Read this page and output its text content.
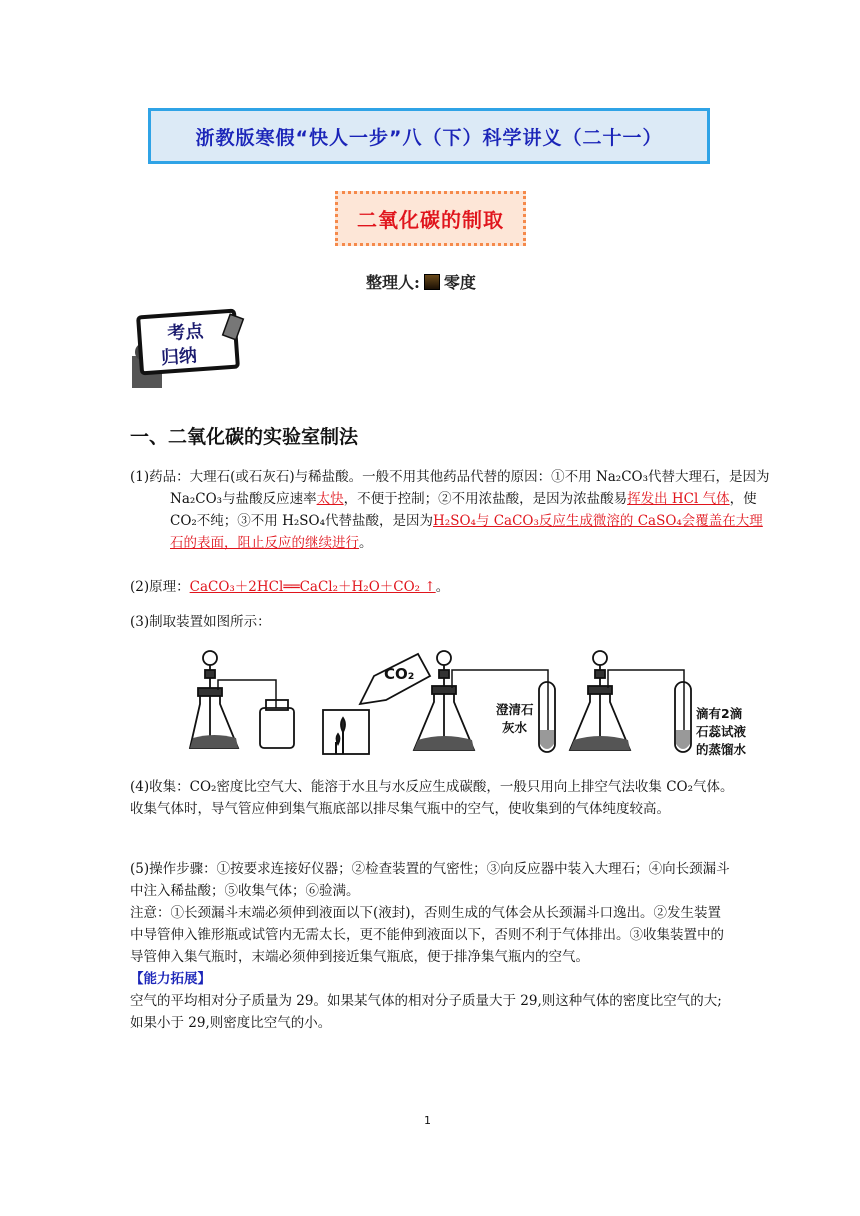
浙教版寒假“快人一步”八（下）科学讲义（二十一）
二氧化碳的制取
整理人: 零度
考点
归纳
一、二氧化碳的实验室制法
(1)药品：大理石(或石灰石)与稀盐酸。一般不用其他药品代替的原因：①不用 Na₂CO₃代替大理石，是因为Na₂CO₃与盐酸反应速率太快，不便于控制；②不用浓盐酸，是因为浓盐酸易挥发出 HCl 气体，使 CO₂不纯；③不用 H₂SO₄代替盐酸，是因为H₂SO₄与 CaCO₃反应生成微溶的 CaSO₄会覆盖在大理石的表面，阻止反应的继续进行。
(2)原理：CaCO₃＋2HCl══CaCl₂＋H₂O＋CO₂ ↑。
(3)制取装置如图所示：
CO₂
澄清石
灰水
滴有2滴
石蕊试液
的蒸馏水
(4)收集：CO₂密度比空气大、能溶于水且与水反应生成碳酸，一般只用向上排空气法收集 CO₂气体。收集气体时，导气管应伸到集气瓶底部以排尽集气瓶中的空气，使收集到的气体纯度较高。
(5)操作步骤：①按要求连接好仪器；②检查装置的气密性；③向反应器中装入大理石；④向长颈漏斗中注入稀盐酸；⑤收集气体；⑥验满。
注意：①长颈漏斗末端必须伸到液面以下(液封)，否则生成的气体会从长颈漏斗口逸出。②发生装置中导管伸入锥形瓶或试管内无需太长，更不能伸到液面以下，否则不利于气体排出。③收集装置中的导管伸入集气瓶时，末端必须伸到接近集气瓶底，便于排净集气瓶内的空气。
【能力拓展】
空气的平均相对分子质量为 29。如果某气体的相对分子质量大于 29,则这种气体的密度比空气的大;如果小于 29,则密度比空气的小。
1
